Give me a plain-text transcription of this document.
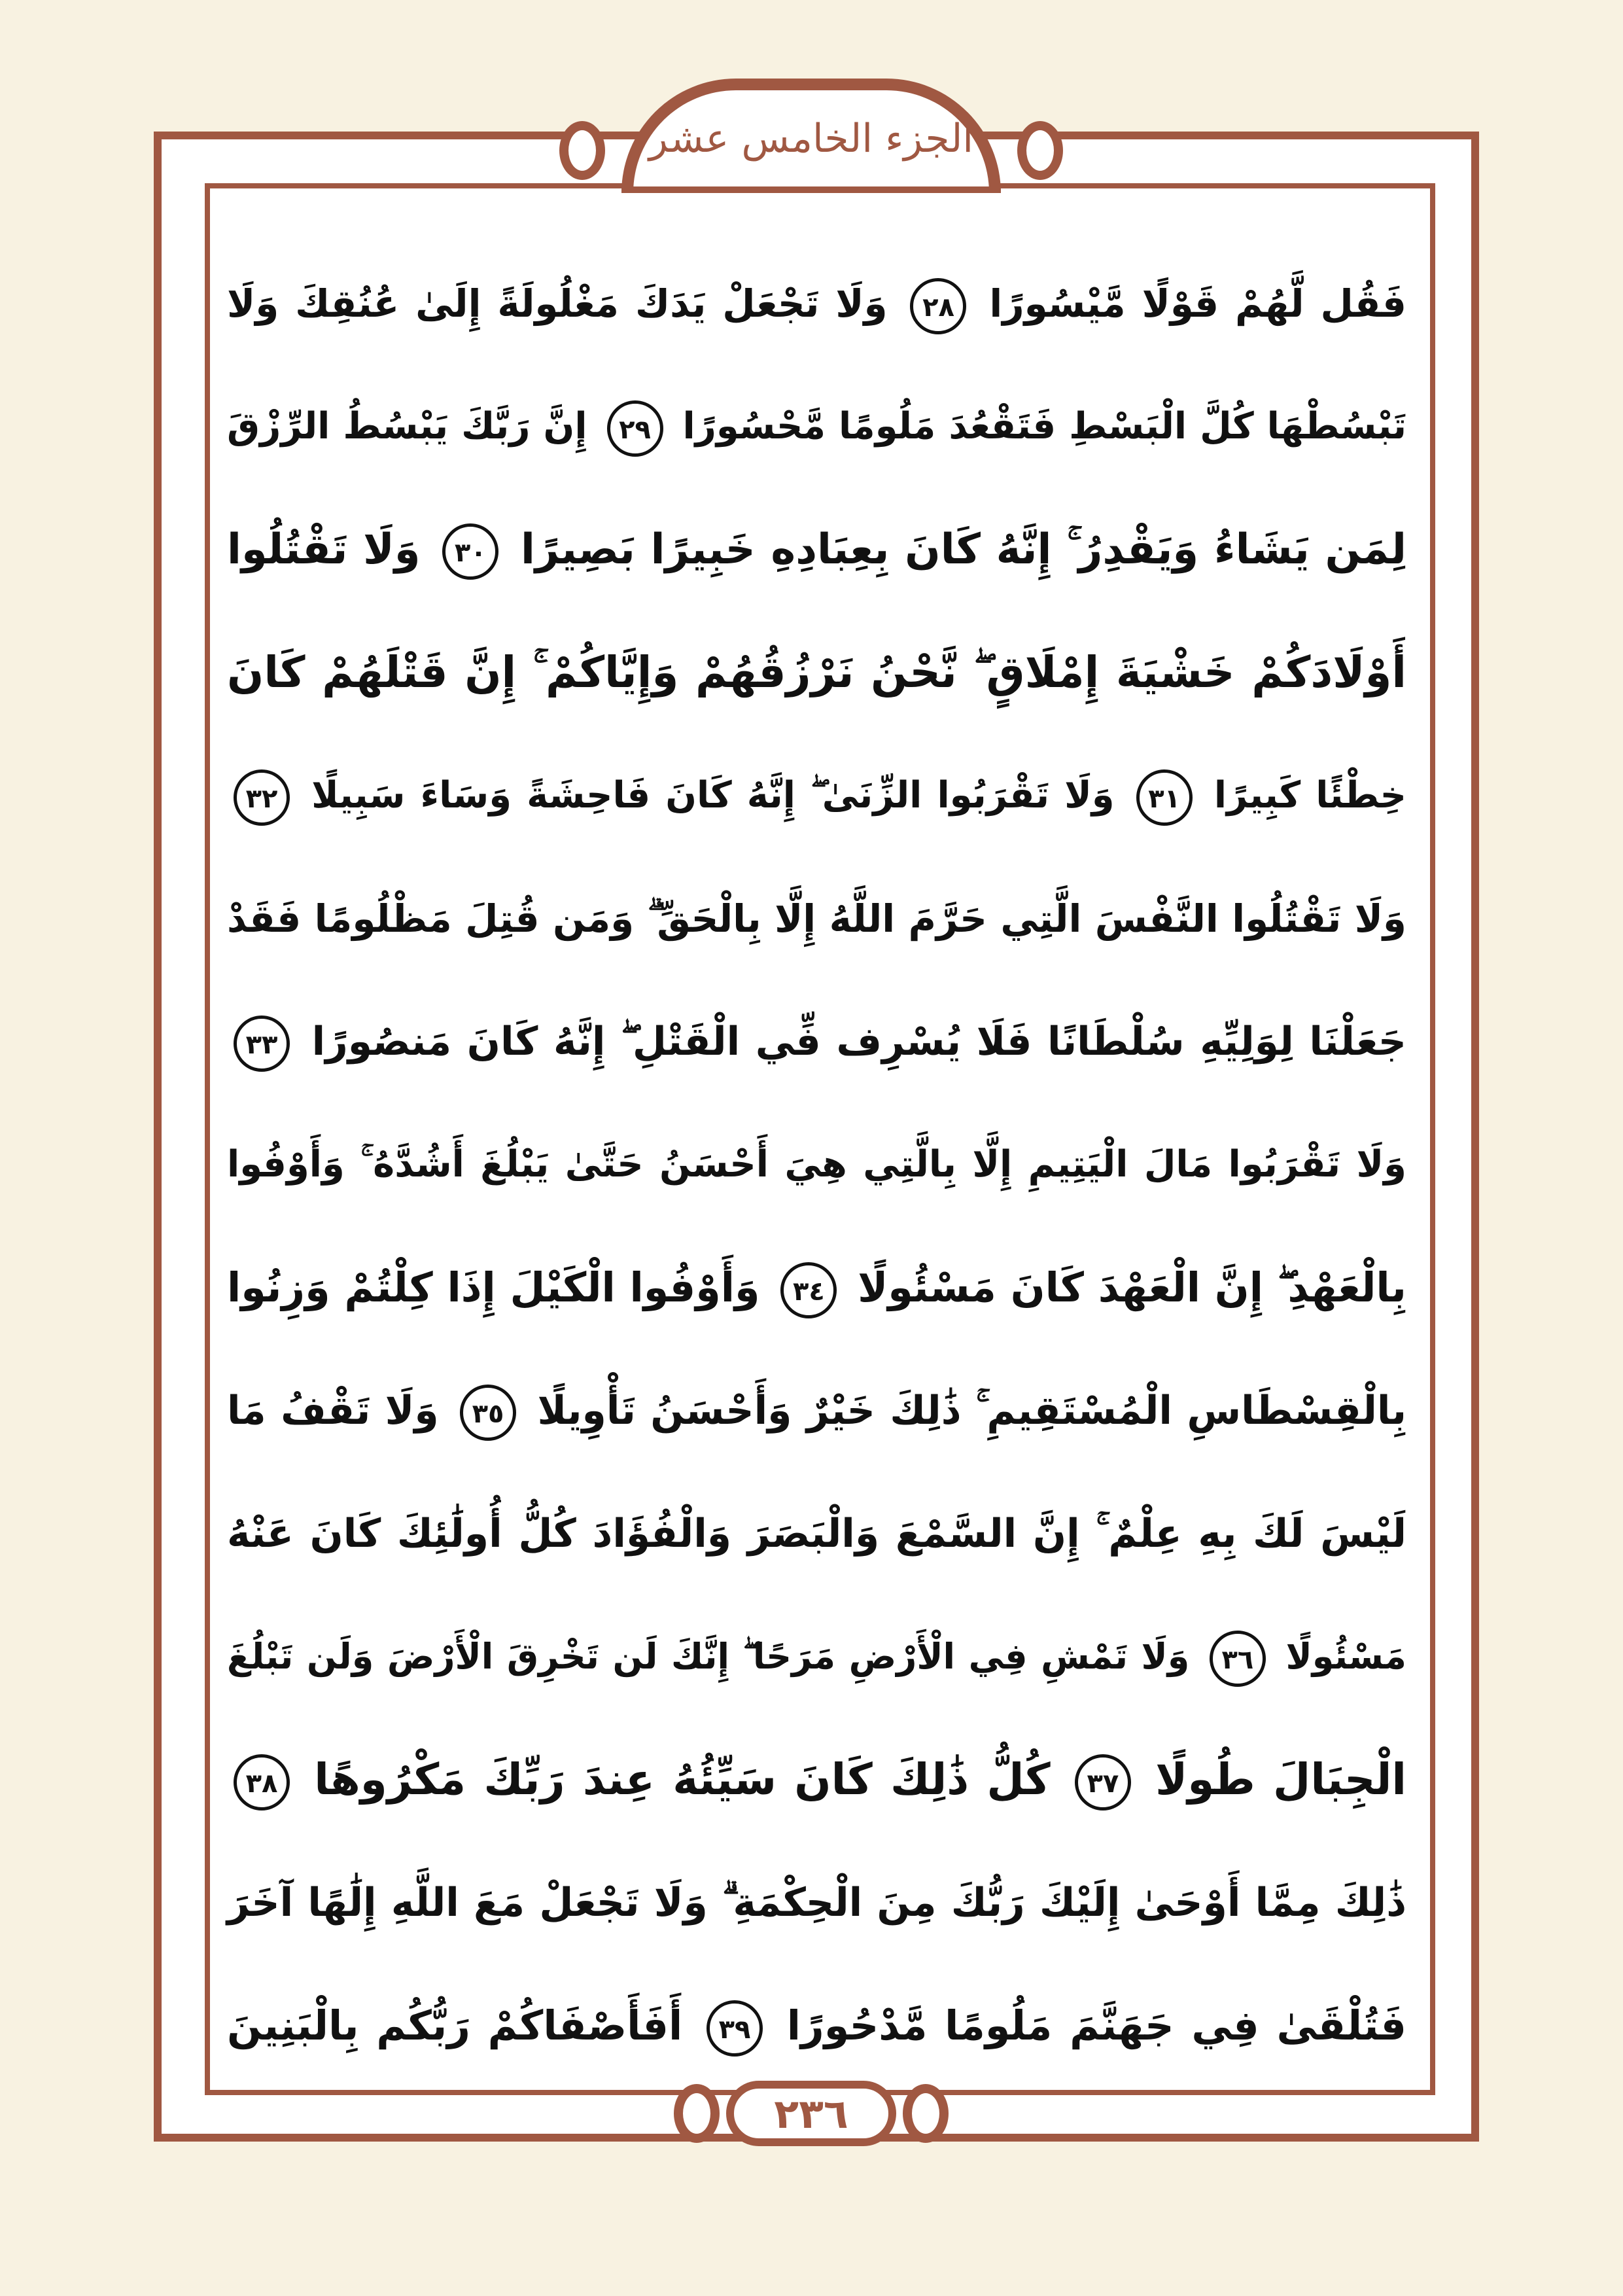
الجزء الخامس عشر
٢٣٦
فَقُل لَّهُمْ قَوْلًا مَّيْسُورًا ٢٨ وَلَا تَجْعَلْ يَدَكَ مَغْلُولَةً إِلَىٰ عُنُقِكَ وَلَا
تَبْسُطْهَا كُلَّ الْبَسْطِ فَتَقْعُدَ مَلُومًا مَّحْسُورًا ٢٩ إِنَّ رَبَّكَ يَبْسُطُ الرِّزْقَ
لِمَن يَشَاءُ وَيَقْدِرُ ۚ إِنَّهُ كَانَ بِعِبَادِهِ خَبِيرًا بَصِيرًا ٣٠ وَلَا تَقْتُلُوا
أَوْلَادَكُمْ خَشْيَةَ إِمْلَاقٍ ۖ نَّحْنُ نَرْزُقُهُمْ وَإِيَّاكُمْ ۚ إِنَّ قَتْلَهُمْ كَانَ
خِطْئًا كَبِيرًا ٣١ وَلَا تَقْرَبُوا الزِّنَىٰ ۖ إِنَّهُ كَانَ فَاحِشَةً وَسَاءَ سَبِيلًا ٣٢
وَلَا تَقْتُلُوا النَّفْسَ الَّتِي حَرَّمَ اللَّهُ إِلَّا بِالْحَقِّ ۗ وَمَن قُتِلَ مَظْلُومًا فَقَدْ
جَعَلْنَا لِوَلِيِّهِ سُلْطَانًا فَلَا يُسْرِف فِّي الْقَتْلِ ۖ إِنَّهُ كَانَ مَنصُورًا ٣٣
وَلَا تَقْرَبُوا مَالَ الْيَتِيمِ إِلَّا بِالَّتِي هِيَ أَحْسَنُ حَتَّىٰ يَبْلُغَ أَشُدَّهُ ۚ وَأَوْفُوا
بِالْعَهْدِ ۖ إِنَّ الْعَهْدَ كَانَ مَسْئُولًا ٣٤ وَأَوْفُوا الْكَيْلَ إِذَا كِلْتُمْ وَزِنُوا
بِالْقِسْطَاسِ الْمُسْتَقِيمِ ۚ ذَٰلِكَ خَيْرٌ وَأَحْسَنُ تَأْوِيلًا ٣٥ وَلَا تَقْفُ مَا
لَيْسَ لَكَ بِهِ عِلْمٌ ۚ إِنَّ السَّمْعَ وَالْبَصَرَ وَالْفُؤَادَ كُلُّ أُولَٰئِكَ كَانَ عَنْهُ
مَسْئُولًا ٣٦ وَلَا تَمْشِ فِي الْأَرْضِ مَرَحًا ۖ إِنَّكَ لَن تَخْرِقَ الْأَرْضَ وَلَن تَبْلُغَ
الْجِبَالَ طُولًا ٣٧ كُلُّ ذَٰلِكَ كَانَ سَيِّئُهُ عِندَ رَبِّكَ مَكْرُوهًا ٣٨
ذَٰلِكَ مِمَّا أَوْحَىٰ إِلَيْكَ رَبُّكَ مِنَ الْحِكْمَةِ ۗ وَلَا تَجْعَلْ مَعَ اللَّهِ إِلَٰهًا آخَرَ
فَتُلْقَىٰ فِي جَهَنَّمَ مَلُومًا مَّدْحُورًا ٣٩ أَفَأَصْفَاكُمْ رَبُّكُم بِالْبَنِينَ
